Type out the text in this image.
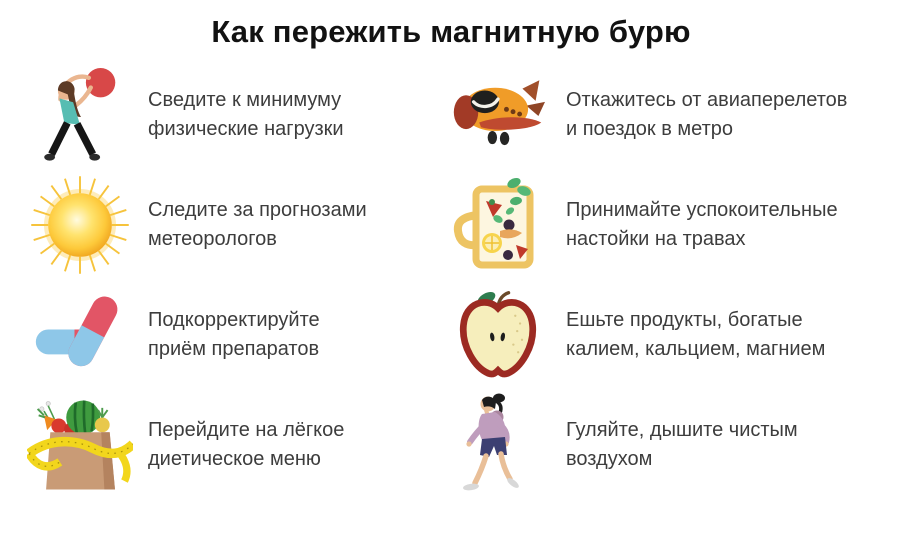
Как пережить магнитную бурю
Сведите к минимуму
физические нагрузки
Откажитесь от авиаперелетов
и поездок в метро
Следите за прогнозами
метеорологов
Принимайте успокоительные
настойки на травах
Подкорректируйте
приём препаратов
Ешьте продукты, богатые
калием, кальцием, магнием
Перейдите на лёгкое
диетическое меню
Гуляйте, дышите чистым
воздухом
